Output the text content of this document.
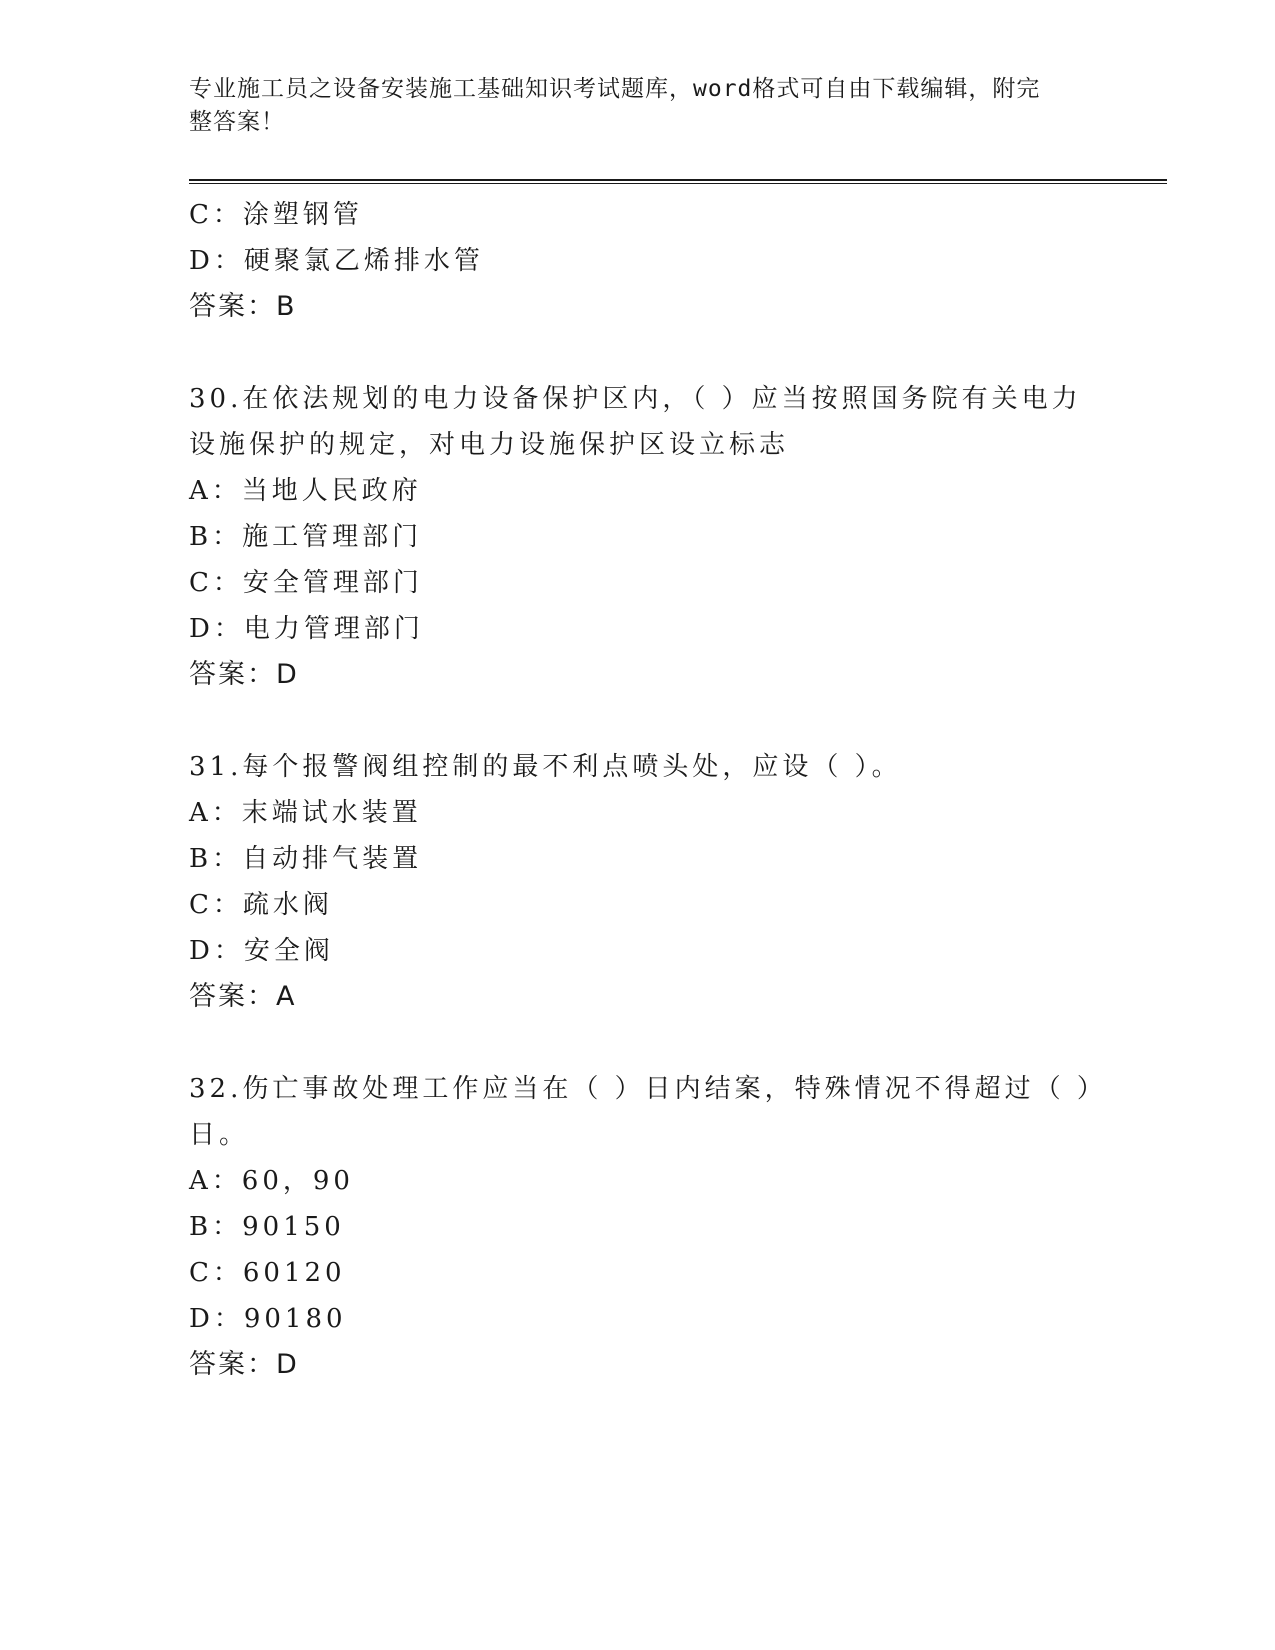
专业施工员之设备安装施工基础知识考试题库，word格式可自由下载编辑，附完
整答案！
C：涂塑钢管
D：硬聚氯乙烯排水管
答案：B
30.在依法规划的电力设备保护区内，（ ）应当按照国务院有关电力
设施保护的规定，对电力设施保护区设立标志
A：当地人民政府
B：施工管理部门
C：安全管理部门
D：电力管理部门
答案：D
31.每个报警阀组控制的最不利点喷头处，应设（ ）。
A：末端试水装置
B：自动排气装置
C：疏水阀
D：安全阀
答案：A
32.伤亡事故处理工作应当在（ ）日内结案，特殊情况不得超过（ ）
日。
A：60，90
B：90150
C：60120
D：90180
答案：D
